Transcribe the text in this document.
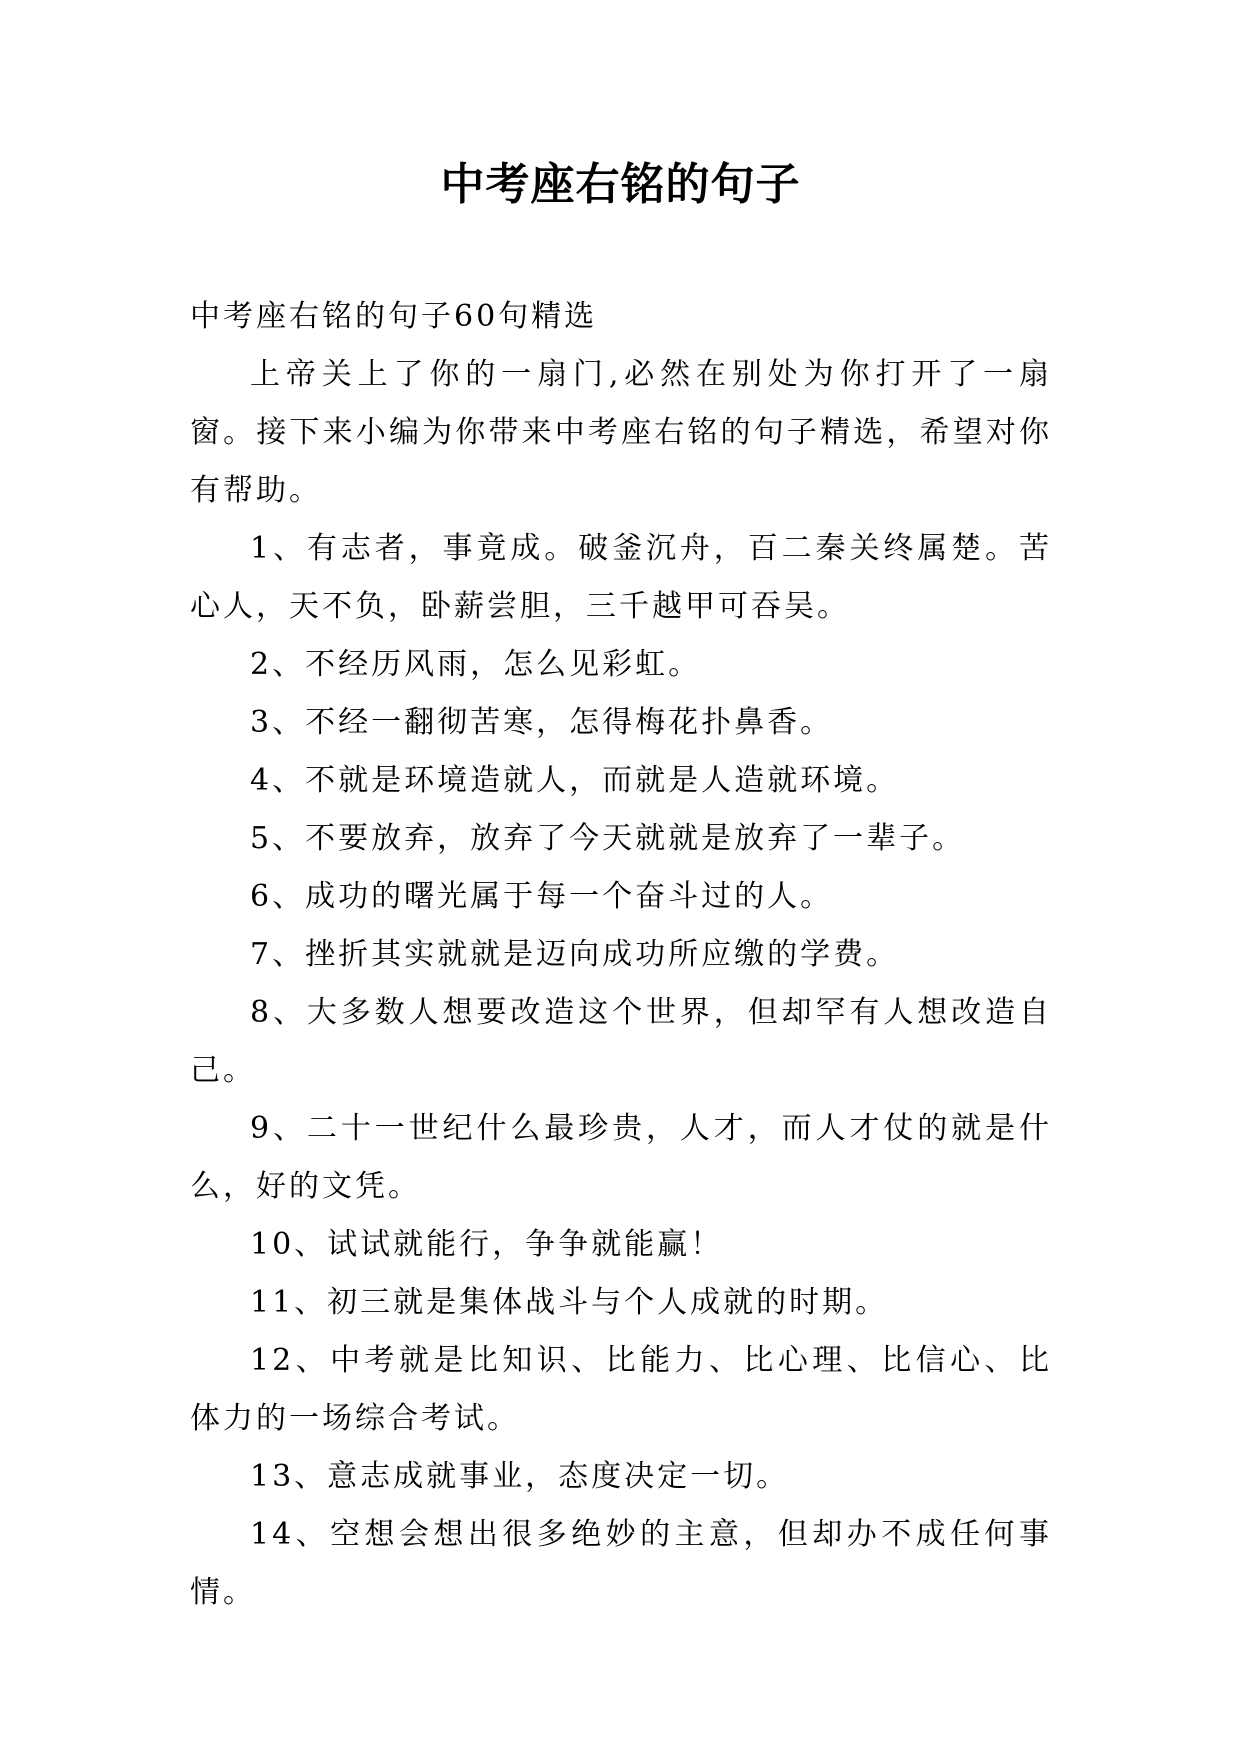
中考座右铭的句子

中考座右铭的句子60句精选

上帝关上了你的一扇门,必然在别处为你打开了一扇窗。接下来小编为你带来中考座右铭的句子精选，希望对你有帮助。

1、有志者，事竟成。破釜沉舟，百二秦关终属楚。苦心人，天不负，卧薪尝胆，三千越甲可吞吴。

2、不经历风雨，怎么见彩虹。

3、不经一翻彻苦寒，怎得梅花扑鼻香。

4、不就是环境造就人，而就是人造就环境。

5、不要放弃，放弃了今天就就是放弃了一辈子。

6、成功的曙光属于每一个奋斗过的人。

7、挫折其实就就是迈向成功所应缴的学费。

8、大多数人想要改造这个世界，但却罕有人想改造自己。

9、二十一世纪什么最珍贵，人才，而人才仗的就是什么，好的文凭。

10、试试就能行，争争就能赢！

11、初三就是集体战斗与个人成就的时期。

12、中考就是比知识、比能力、比心理、比信心、比体力的一场综合考试。

13、意志成就事业，态度决定一切。

14、空想会想出很多绝妙的主意，但却办不成任何事情。
